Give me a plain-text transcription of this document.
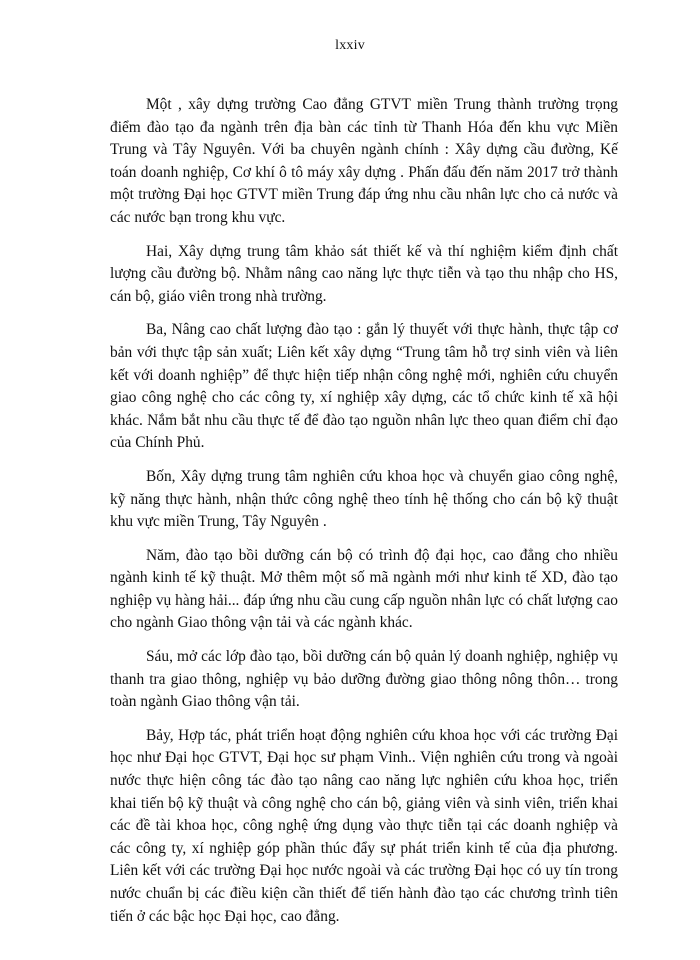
lxxiv

Một , xây dựng trường Cao đẳng GTVT miền Trung thành trường trọng điểm đào tạo đa ngành trên địa bàn các tỉnh từ Thanh Hóa đến khu vực Miền Trung và Tây Nguyên. Với ba chuyên ngành chính : Xây dựng cầu đường, Kế toán doanh nghiệp, Cơ khí ô tô máy xây dựng . Phấn đấu đến năm 2017 trở thành một trường Đại học GTVT miền Trung đáp ứng nhu cầu nhân lực cho cả nước và các nước bạn trong khu vực.

Hai, Xây dựng trung tâm khảo sát thiết kế và thí nghiệm kiểm định chất lượng cầu đường bộ. Nhằm nâng cao năng lực thực tiễn và tạo thu nhập cho HS, cán bộ, giáo viên trong nhà trường.

Ba, Nâng cao chất lượng đào tạo : gắn lý thuyết với thực hành, thực tập cơ bản với thực tập sản xuất; Liên kết xây dựng “Trung tâm hỗ trợ sinh viên và liên kết với doanh nghiệp” để thực hiện tiếp nhận công nghệ mới, nghiên cứu chuyển giao công nghệ cho các công ty, xí nghiệp xây dựng, các tổ chức kinh tế xã hội khác. Nắm bắt nhu cầu thực tế để đào tạo nguồn nhân lực theo quan điểm chỉ đạo của Chính Phủ.

Bốn, Xây dựng trung tâm nghiên cứu khoa học và chuyển giao công nghệ, kỹ năng thực hành, nhận thức công nghệ theo tính hệ thống cho cán bộ kỹ thuật khu vực miền Trung, Tây Nguyên .

Năm, đào tạo bồi dưỡng cán bộ có trình độ đại học, cao đẳng cho nhiều ngành kinh tế kỹ thuật. Mở thêm một số mã ngành mới như kinh tế XD, đào tạo nghiệp vụ hàng hải... đáp ứng nhu cầu cung cấp nguồn nhân lực có chất lượng cao cho ngành Giao thông vận tải và các ngành khác.

Sáu, mở các lớp đào tạo, bồi dưỡng cán bộ quản lý doanh nghiệp, nghiệp vụ thanh tra giao thông, nghiệp vụ bảo dưỡng đường giao thông nông thôn… trong toàn ngành Giao thông vận tải.

Bảy, Hợp tác, phát triển hoạt động nghiên cứu khoa học với các trường Đại học như Đại học GTVT, Đại học sư phạm Vinh.. Viện nghiên cứu trong và ngoài nước thực hiện công tác đào tạo nâng cao năng lực nghiên cứu khoa học, triển khai tiến bộ kỹ thuật và công nghệ cho cán bộ, giảng viên và sinh viên, triển khai các đề tài khoa học, công nghệ ứng dụng vào thực tiễn tại các doanh nghiệp và các công ty, xí nghiệp góp phần thúc đẩy sự phát triển kinh tế của địa phương. Liên kết với các trường Đại học nước ngoài và các trường Đại học có uy tín trong nước chuẩn bị các điều kiện cần thiết để tiến hành đào tạo các chương trình tiên tiến ở các bậc học Đại học, cao đẳng.
